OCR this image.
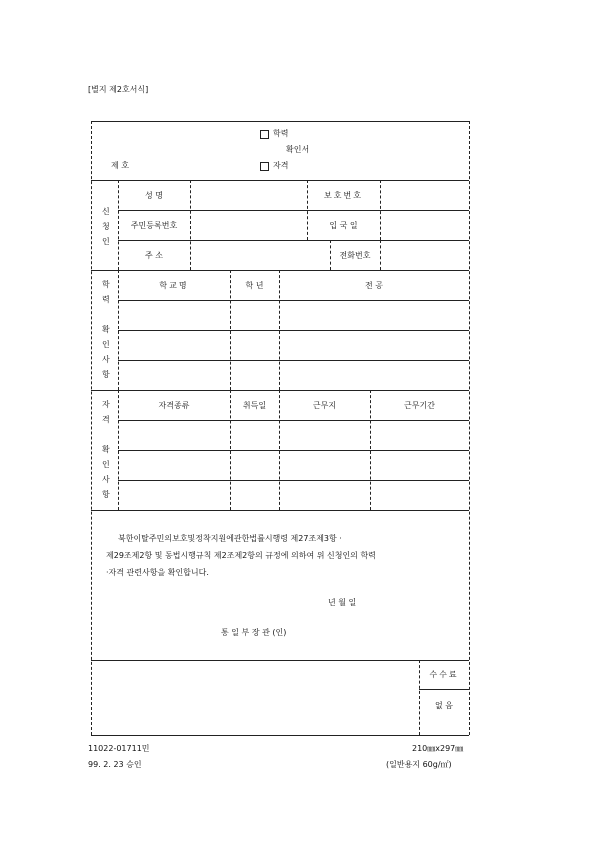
[별지 제2호서식]
학력
확인서
제 호	자격
신
청
인
성 명	보호번호
주민등록번호	입 국 일
주 소	전화번호
학
력
확
인
사
항
학교명	학 년	전 공
자
격
확
인
사
항
자격종류	취득일	근무지	근무기간
북한이탈주민의보호및정착지원에관한법률시행령 제27조제3항 ·
제29조제2항 및 동법시행규칙 제2조제2항의 규정에 의하여 위 신청인의 학력
·자격 관련사항을 확인합니다.
년 월 일
통 일 부 장 관 (인)
수수료
없 음
11022-01711민
99. 2. 23 승인
210㎜x297㎜
(일반용지 60g/㎡)
